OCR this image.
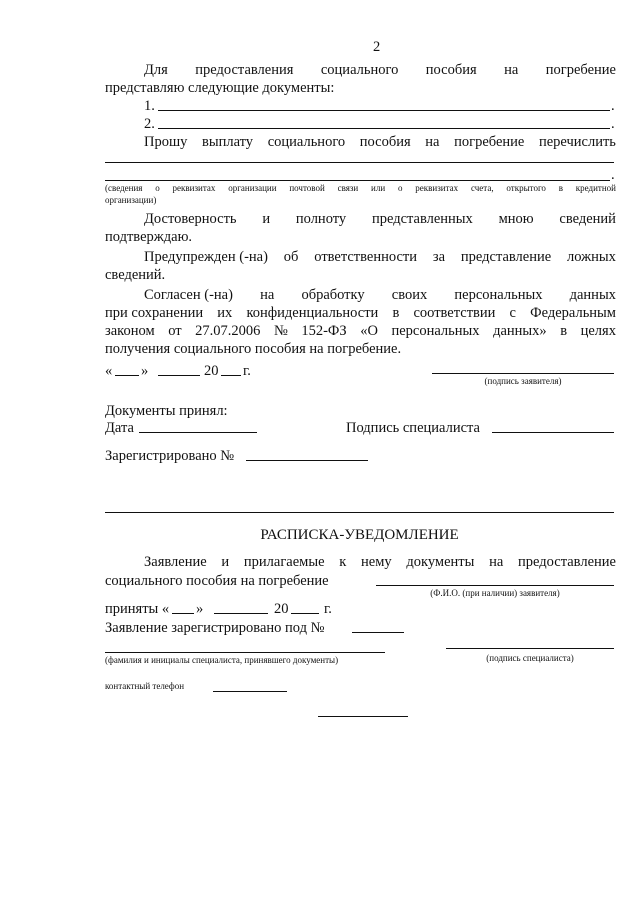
2
Для предоставления социального пособия на погребение
представляю следующие документы:
1.	.
2.	.
Прошу выплату социального пособия на погребение перечислить
.
(сведения о реквизитах организации почтовой связи или о реквизитах счета, открытого в кредитной
организации)
Достоверность и полноту представленных мною сведений
подтверждаю.
Предупрежден (-на) об ответственности за представление ложных
сведений.
Согласен (-на) на обработку своих персональных данных
при сохранении их конфиденциальности в соответствии с Федеральным
законом от 27.07.2006 № 152-ФЗ «О персональных данных» в целях
получения социального пособия на погребение.
« »	20 г.
(подпись заявителя)
Документы принял:
Дата	Подпись специалиста
Зарегистрировано №
РАСПИСКА-УВЕДОМЛЕНИЕ
Заявление и прилагаемые к нему документы на предоставление
социального пособия на погребение
(Ф.И.О. (при наличии) заявителя)
приняты « »	20 г.
Заявление зарегистрировано под №
(фамилия и инициалы специалиста, принявшего документы)	(подпись специалиста)
контактный телефон
